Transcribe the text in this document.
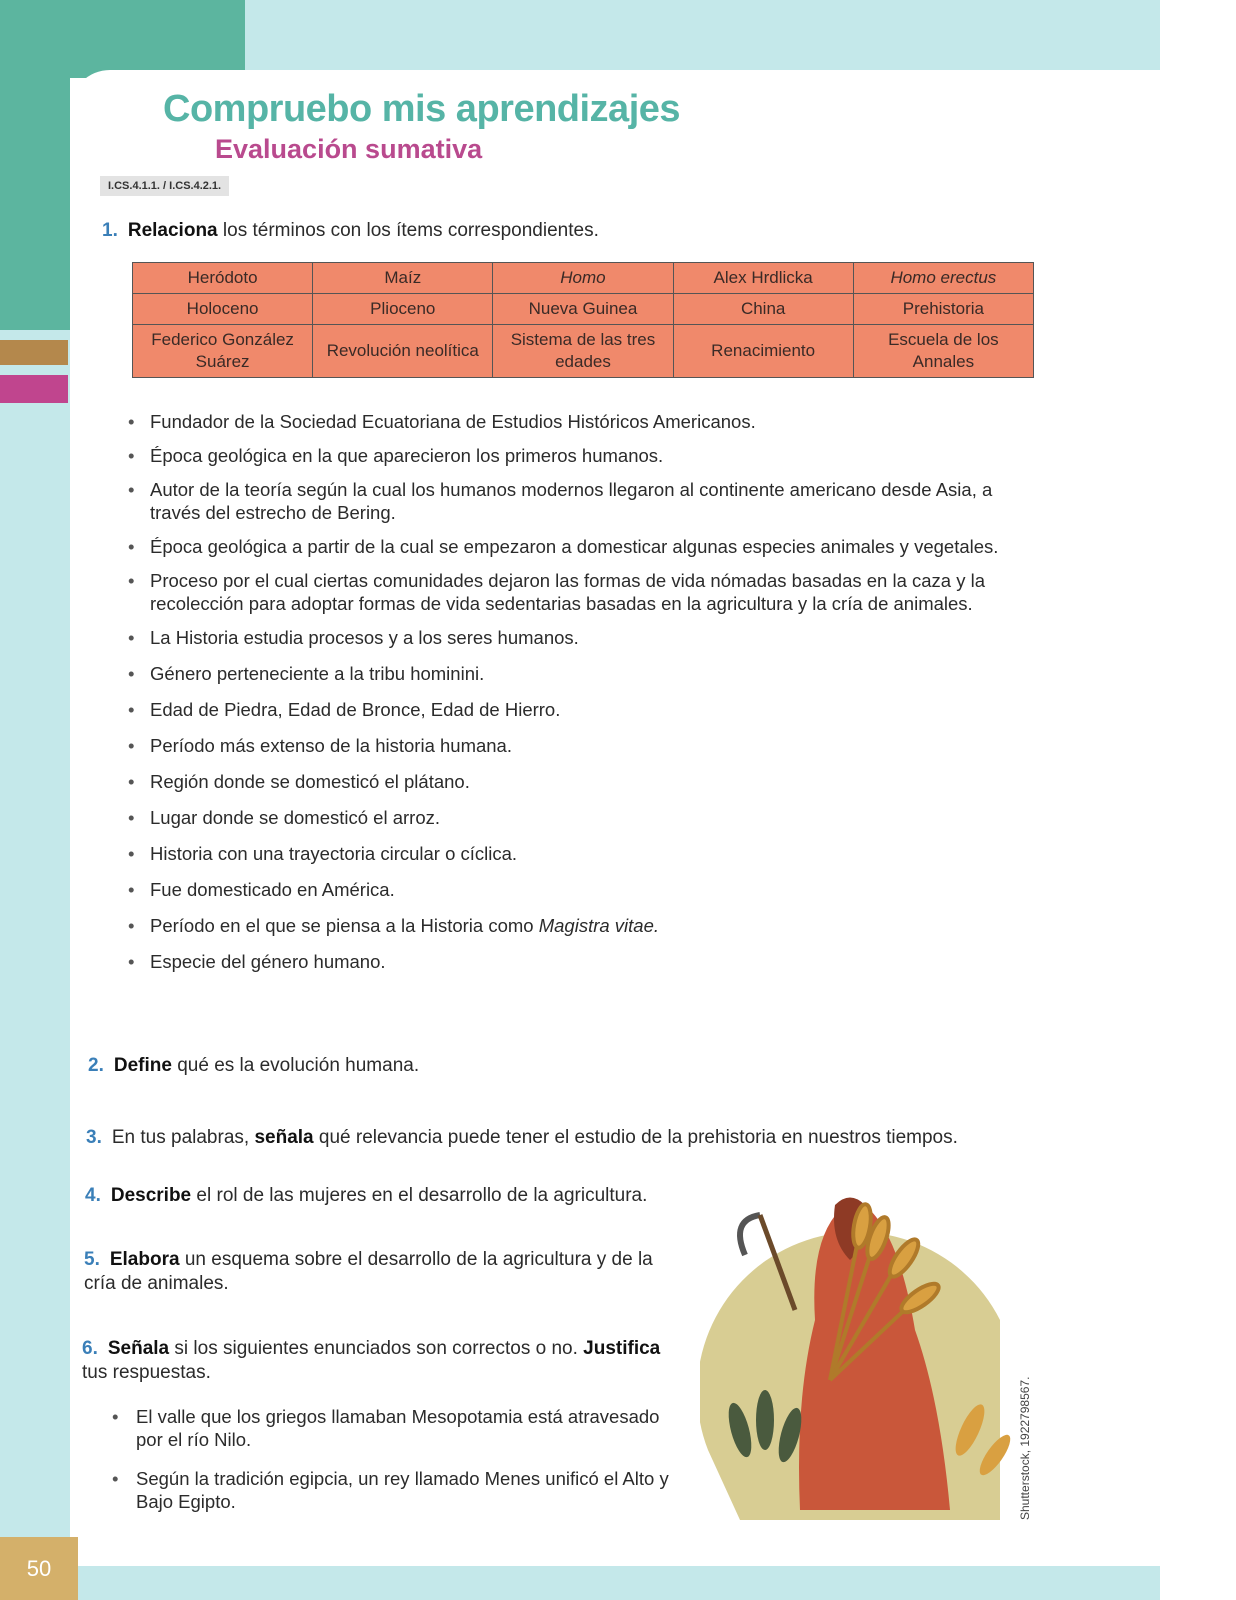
Compruebo mis aprendizajes
Evaluación sumativa
I.CS.4.1.1. / I.CS.4.2.1.
1. Relaciona los términos con los ítems correspondientes.
Heródoto	Maíz	Homo	Alex Hrdlicka	Homo erectus
Holoceno	Plioceno	Nueva Guinea	China	Prehistoria
Federico González Suárez	Revolución neolítica	Sistema de las tres edades	Renacimiento	Escuela de los Annales
• Fundador de la Sociedad Ecuatoriana de Estudios Históricos Americanos.
• Época geológica en la que aparecieron los primeros humanos.
• Autor de la teoría según la cual los humanos modernos llegaron al continente americano desde Asia, a través del estrecho de Bering.
• Época geológica a partir de la cual se empezaron a domesticar algunas especies animales y vegetales.
• Proceso por el cual ciertas comunidades dejaron las formas de vida nómadas basadas en la caza y la recolección para adoptar formas de vida sedentarias basadas en la agricultura y la cría de animales.
• La Historia estudia procesos y a los seres humanos.
• Género perteneciente a la tribu hominini.
• Edad de Piedra, Edad de Bronce, Edad de Hierro.
• Período más extenso de la historia humana.
• Región donde se domesticó el plátano.
• Lugar donde se domesticó el arroz.
• Historia con una trayectoria circular o cíclica.
• Fue domesticado en América.
• Período en el que se piensa a la Historia como Magistra vitae.
• Especie del género humano.
2. Define qué es la evolución humana.
3. En tus palabras, señala qué relevancia puede tener el estudio de la prehistoria en nuestros tiempos.
4. Describe el rol de las mujeres en el desarrollo de la agricultura.
5. Elabora un esquema sobre el desarrollo de la agricultura y de la cría de animales.
6. Señala si los siguientes enunciados son correctos o no. Justifica tus respuestas.
• El valle que los griegos llamaban Mesopotamia está atravesado por el río Nilo.
• Según la tradición egipcia, un rey llamado Menes unificó el Alto y Bajo Egipto.	Shutterstock, 1922798567.
50
